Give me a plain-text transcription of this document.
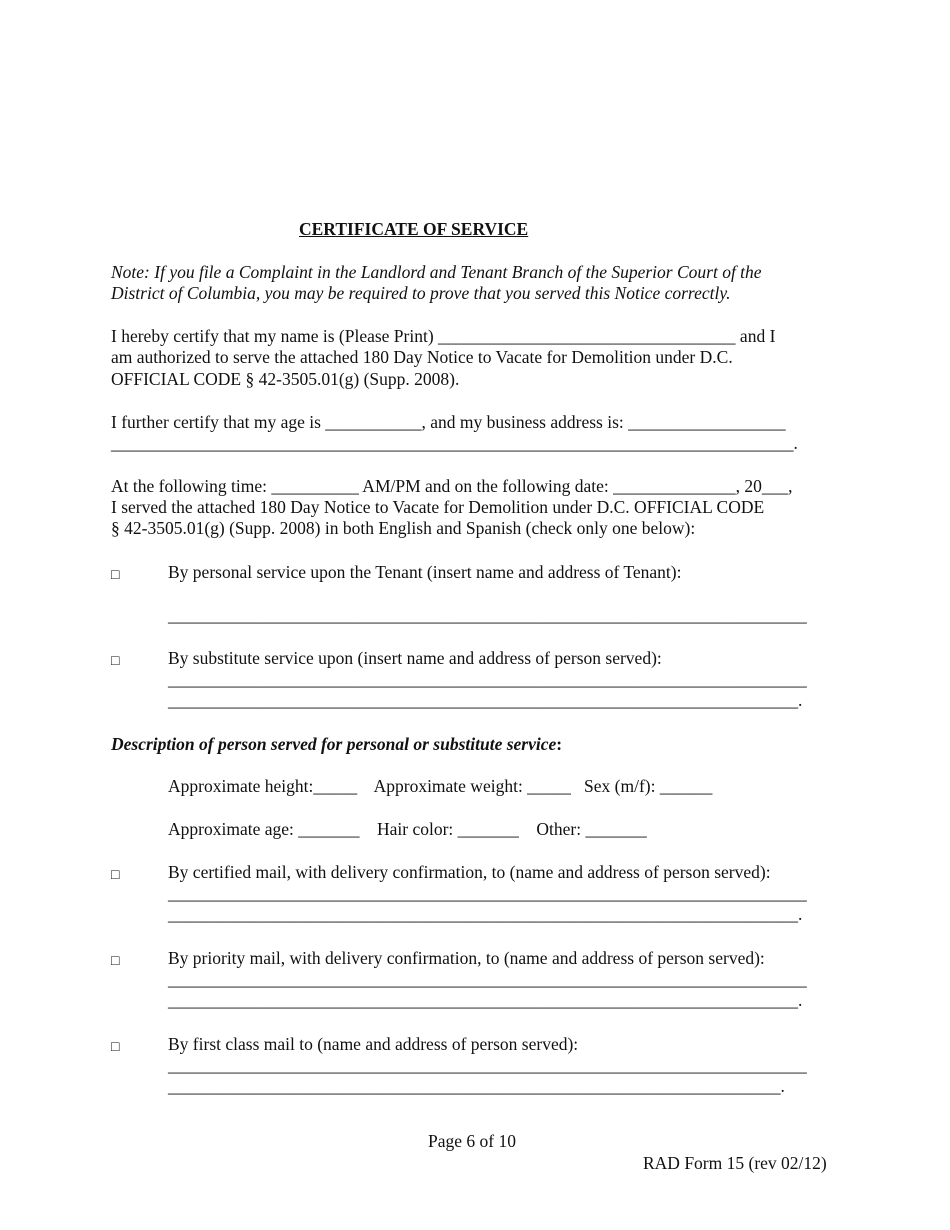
CERTIFICATE OF SERVICE
Note: If you file a Complaint in the Landlord and Tenant Branch of the Superior Court of the
District of Columbia, you may be required to prove that you served this Notice correctly.
I hereby certify that my name is (Please Print) __________________________________ and I
am authorized to serve the attached 180 Day Notice to Vacate for Demolition under D.C.
OFFICIAL CODE § 42-3505.01(g) (Supp. 2008).
I further certify that my age is ___________, and my business address is: __________________
______________________________________________________________________________.
At the following time: __________ AM/PM and on the following date: ______________, 20___,
I served the attached 180 Day Notice to Vacate for Demolition under D.C. OFFICIAL CODE
§ 42-3505.01(g) (Supp. 2008) in both English and Spanish (check only one below):
□	By personal service upon the Tenant (insert name and address of Tenant):
_________________________________________________________________________
□	By substitute service upon (insert name and address of person served):
_________________________________________________________________________
________________________________________________________________________.
Description of person served for personal or substitute service:
Approximate height:_____    Approximate weight: _____   Sex (m/f): ______
Approximate age: _______    Hair color: _______    Other: _______
□	By certified mail, with delivery confirmation, to (name and address of person served):
_________________________________________________________________________
________________________________________________________________________.
□	By priority mail, with delivery confirmation, to (name and address of person served):
_________________________________________________________________________
________________________________________________________________________.
□	By first class mail to (name and address of person served):
_________________________________________________________________________
______________________________________________________________________.
Page 6 of 10
RAD Form 15 (rev 02/12)
